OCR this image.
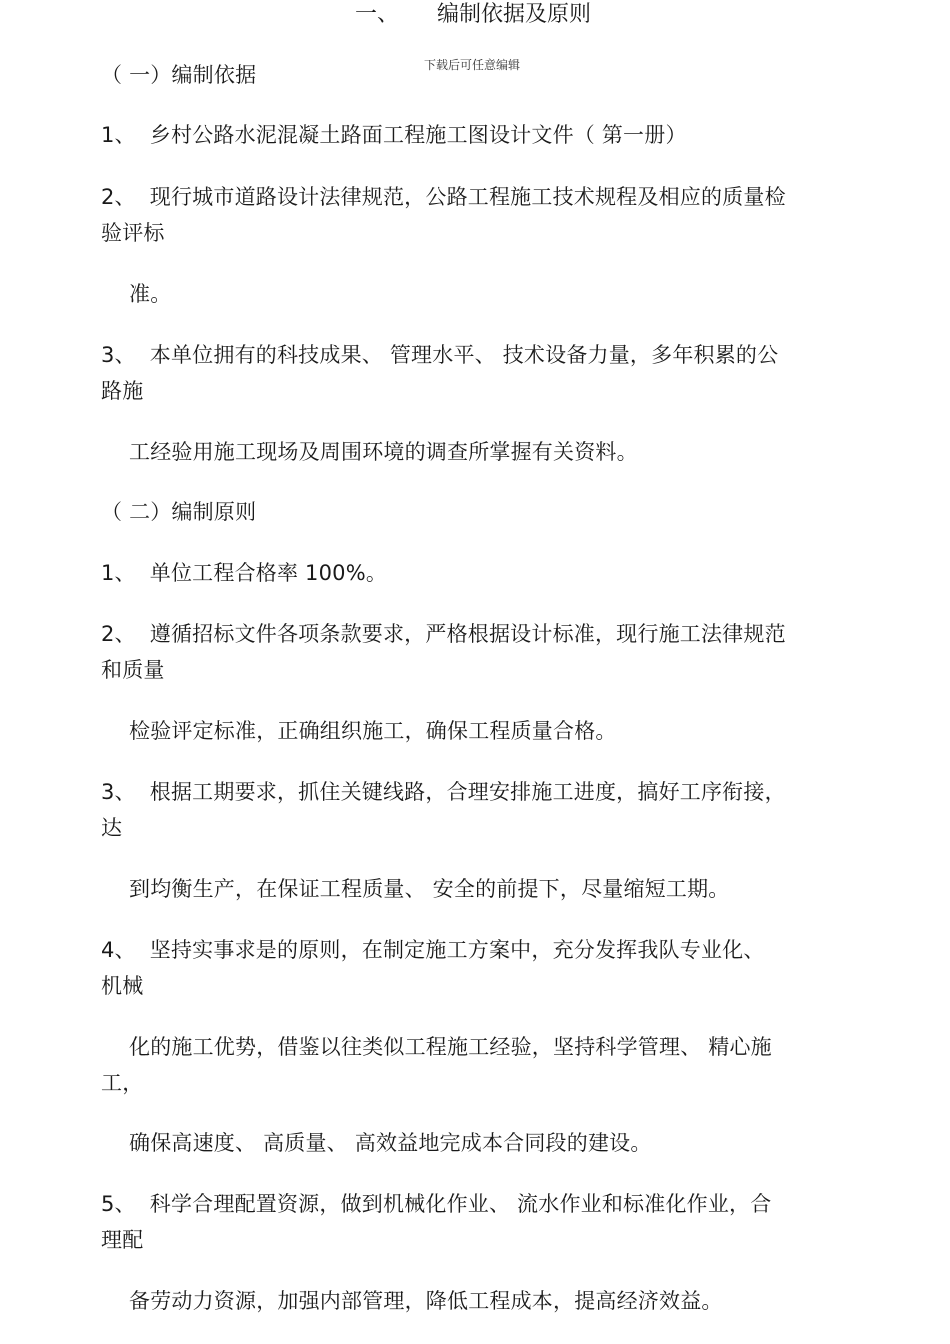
一、 编制依据及原则
下载后可任意编辑
（ 一）编制依据
1、 乡村公路水泥混凝土路面工程施工图设计文件（ 第一册）
2、 现行城市道路设计法律规范，公路工程施工技术规程及相应的质量检
验评标
准。
3、 本单位拥有的科技成果、 管理水平、 技术设备力量，多年积累的公
路施
工经验用施工现场及周围环境的调查所掌握有关资料。
（ 二）编制原则
1、 单位工程合格率 100%。
2、 遵循招标文件各项条款要求，严格根据设计标准，现行施工法律规范
和质量
检验评定标准，正确组织施工，确保工程质量合格。
3、 根据工期要求，抓住关键线路，合理安排施工进度，搞好工序衔接，
达
到均衡生产，在保证工程质量、 安全的前提下，尽量缩短工期。
4、 坚持实事求是的原则，在制定施工方案中，充分发挥我队专业化、
机械
化的施工优势，借鉴以往类似工程施工经验，坚持科学管理、 精心施
工，
确保高速度、 高质量、 高效益地完成本合同段的建设。
5、 科学合理配置资源，做到机械化作业、 流水作业和标准化作业，合
理配
备劳动力资源，加强内部管理，降低工程成本，提高经济效益。
